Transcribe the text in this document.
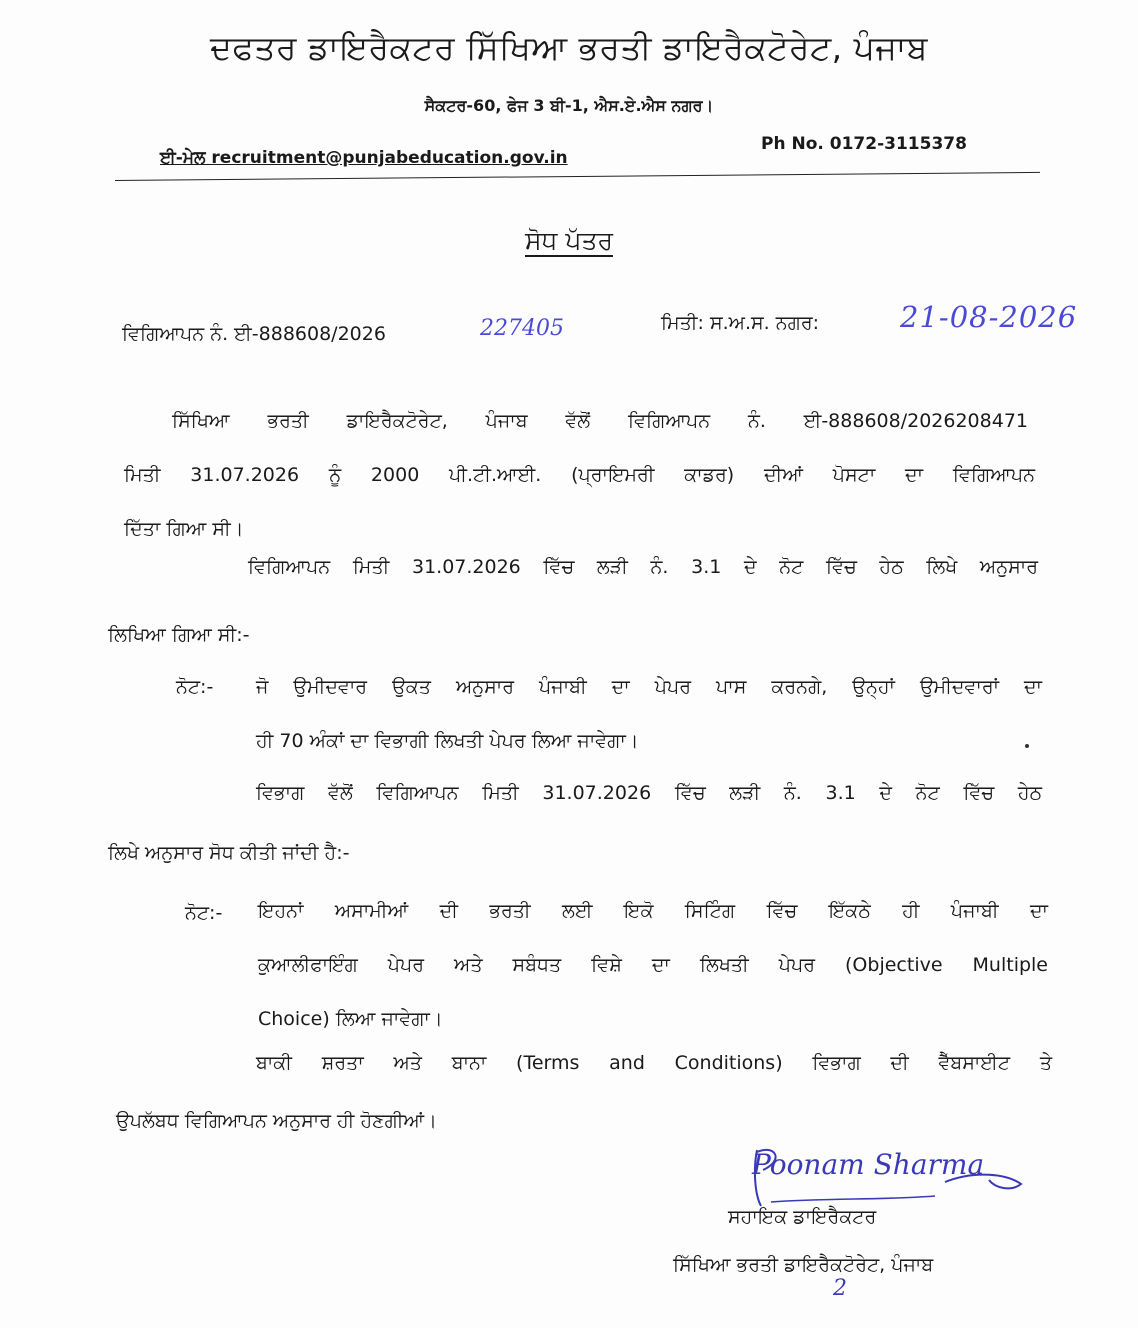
ਦਫਤਰ ਡਾਇਰੈਕਟਰ ਸਿੱਖਿਆ ਭਰਤੀ ਡਾਇਰੈਕਟੋਰੇਟ, ਪੰਜਾਬ
ਸੈਕਟਰ-60, ਫੇਜ 3 ਬੀ-1, ਐਸ.ਏ.ਐਸ ਨਗਰ।
ਈ-ਮੇਲ recruitment@punjabeducation.gov.in
Ph No. 0172-3115378
ਸੋਧ ਪੱਤਰ
ਵਿਗਿਆਪਨ ਨੰ. ਈ-888608/2026	227405	ਮਿਤੀ: ਸ.ਅ.ਸ. ਨਗਰ:	21-08-2026
ਸਿੱਖਿਆ ਭਰਤੀ ਡਾਇਰੈਕਟੋਰੇਟ, ਪੰਜਾਬ ਵੱਲੋਂ ਵਿਗਿਆਪਨ ਨੰ. ਈ-888608/2026208471
ਮਿਤੀ 31.07.2026 ਨੂੰ 2000 ਪੀ.ਟੀ.ਆਈ. (ਪ੍ਰਾਇਮਰੀ ਕਾਡਰ) ਦੀਆਂ ਪੋਸਟਾ ਦਾ ਵਿਗਿਆਪਨ
ਦਿੱਤਾ ਗਿਆ ਸੀ।
ਵਿਗਿਆਪਨ ਮਿਤੀ 31.07.2026 ਵਿੱਚ ਲੜੀ ਨੰ. 3.1 ਦੇ ਨੋਟ ਵਿੱਚ ਹੇਠ ਲਿਖੇ ਅਨੁਸਾਰ
ਲਿਖਿਆ ਗਿਆ ਸੀ:-
ਨੋਟ:- ਜੋ ਉਮੀਦਵਾਰ ਉਕਤ ਅਨੁਸਾਰ ਪੰਜਾਬੀ ਦਾ ਪੇਪਰ ਪਾਸ ਕਰਨਗੇ, ਉਨ੍ਹਾਂ ਉਮੀਦਵਾਰਾਂ ਦਾ
ਹੀ 70 ਅੰਕਾਂ ਦਾ ਵਿਭਾਗੀ ਲਿਖਤੀ ਪੇਪਰ ਲਿਆ ਜਾਵੇਗਾ।
ਵਿਭਾਗ ਵੱਲੋਂ ਵਿਗਿਆਪਨ ਮਿਤੀ 31.07.2026 ਵਿੱਚ ਲੜੀ ਨੰ. 3.1 ਦੇ ਨੋਟ ਵਿੱਚ ਹੇਠ
ਲਿਖੇ ਅਨੁਸਾਰ ਸੋਧ ਕੀਤੀ ਜਾਂਦੀ ਹੈ:-
ਨੋਟ:- ਇਹਨਾਂ ਅਸਾਮੀਆਂ ਦੀ ਭਰਤੀ ਲਈ ਇਕੋ ਸਿਟਿੰਗ ਵਿੱਚ ਇੱਕਠੇ ਹੀ ਪੰਜਾਬੀ ਦਾ
ਕੁਆਲੀਫਾਇੰਗ ਪੇਪਰ ਅਤੇ ਸਬੰਧਤ ਵਿਸ਼ੇ ਦਾ ਲਿਖਤੀ ਪੇਪਰ (Objective Multiple
Choice) ਲਿਆ ਜਾਵੇਗਾ।
ਬਾਕੀ ਸ਼ਰਤਾ ਅਤੇ ਬਾਨਾ (Terms and Conditions) ਵਿਭਾਗ ਦੀ ਵੈੱਬਸਾਈਟ ਤੇ
ਉਪਲੱਬਧ ਵਿਗਿਆਪਨ ਅਨੁਸਾਰ ਹੀ ਹੋਣਗੀਆਂ।
Poonam Sharma
ਸਹਾਇਕ ਡਾਇਰੈਕਟਰ
ਸਿੱਖਿਆ ਭਰਤੀ ਡਾਇਰੈਕਟੋਰੇਟ, ਪੰਜਾਬ
2
